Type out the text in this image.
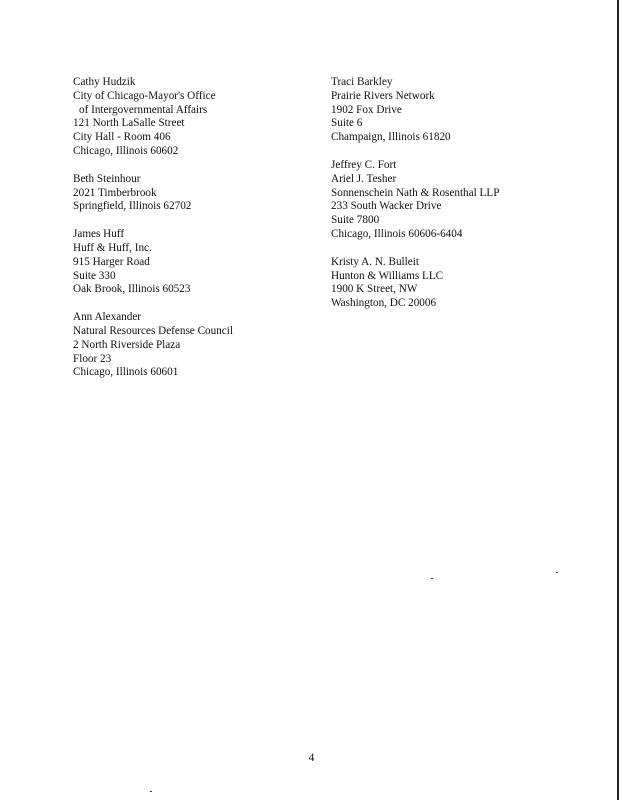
Cathy Hudzik
City of Chicago-Mayor's Office
of Intergovernmental Affairs
121 North LaSalle Street
City Hall - Room 406
Chicago, Illinois 60602
Beth Steinhour
2021 Timberbrook
Springfield, Illinois 62702
James Huff
Huff & Huff, Inc.
915 Harger Road
Suite 330
Oak Brook, Illinois 60523
Ann Alexander
Natural Resources Defense Council
2 North Riverside Plaza
Floor 23
Chicago, Illinois 60601
Traci Barkley
Prairie Rivers Network
1902 Fox Drive
Suite 6
Champaign, Illinois 61820
Jeffrey C. Fort
Ariel J. Tesher
Sonnenschein Nath & Rosenthal LLP
233 South Wacker Drive
Suite 7800
Chicago, Illinois 60606-6404
Kristy A. N. Bulleit
Hunton & Williams LLC
1900 K Street, NW
Washington, DC 20006
4
